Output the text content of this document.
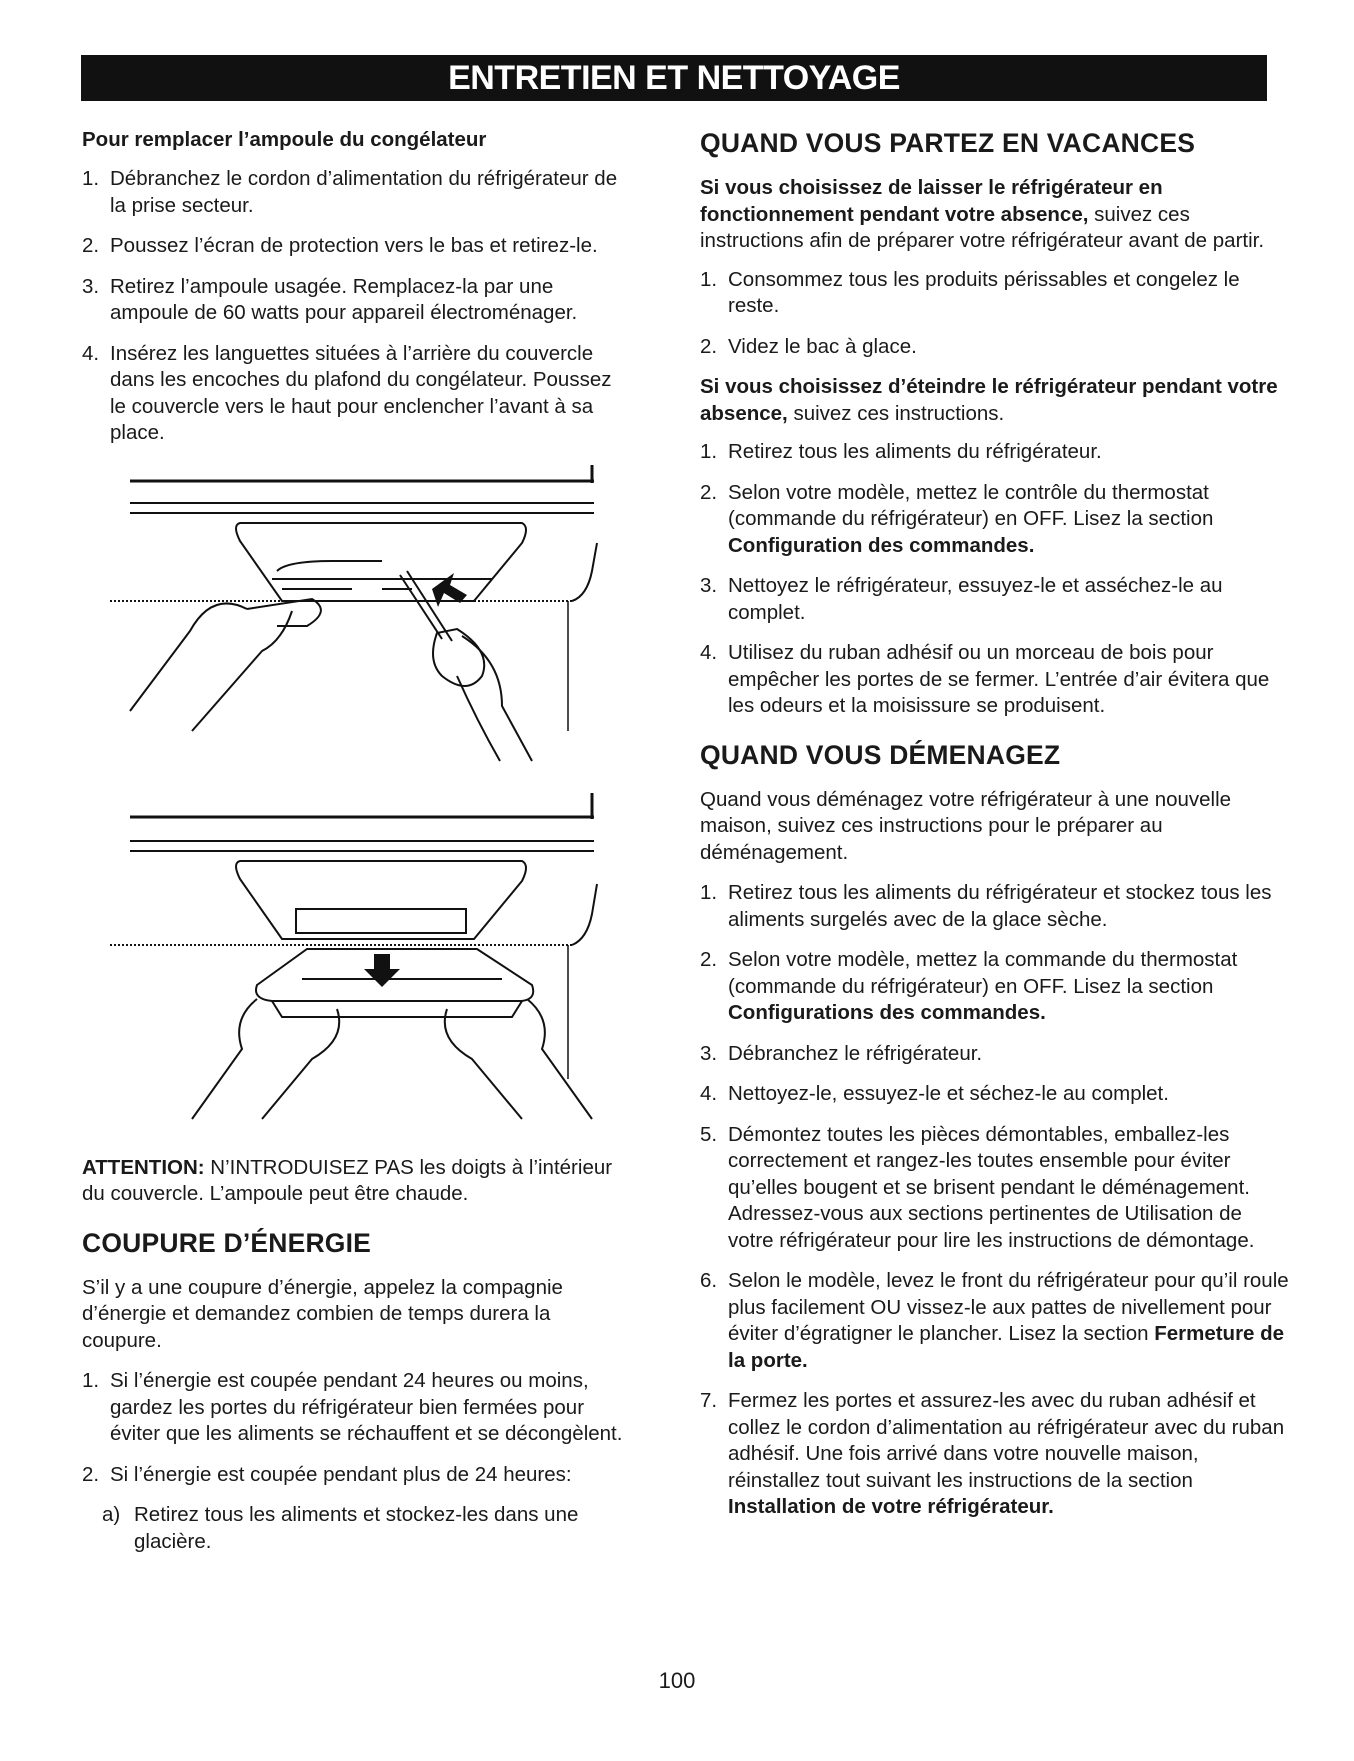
ENTRETIEN ET NETTOYAGE
Pour remplacer l’ampoule du congélateur
1. Débranchez le cordon d’alimentation du réfrigérateur de la prise secteur.
2. Poussez l’écran de protection vers le bas et retirez-le.
3. Retirez l’ampoule usagée. Remplacez-la par une ampoule de 60 watts pour appareil électroménager.
4. Insérez les languettes situées à l’arrière du couvercle dans les encoches du plafond du congélateur. Poussez le couvercle vers le haut pour enclencher l’avant à sa place.
ATTENTION: N’INTRODUISEZ PAS les doigts à l’intérieur du couvercle. L’ampoule peut être chaude.
COUPURE D’ÉNERGIE
S’il y a une coupure d’énergie, appelez la compagnie d’énergie et demandez combien de temps durera la coupure.
1. Si l’énergie est coupée pendant 24 heures ou moins, gardez les portes du réfrigérateur bien fermées pour éviter que les aliments se réchauffent et se décongèlent.
2. Si l’énergie est coupée pendant plus de 24 heures:
a) Retirez tous les aliments et stockez-les dans une glacière.
QUAND VOUS PARTEZ EN VACANCES
Si vous choisissez de laisser le réfrigérateur en fonctionnement pendant votre absence, suivez ces instructions afin de préparer votre réfrigérateur avant de partir.
1. Consommez tous les produits périssables et congelez le reste.
2. Videz le bac à glace.
Si vous choisissez d’éteindre le réfrigérateur pendant votre absence, suivez ces instructions.
1. Retirez tous les aliments du réfrigérateur.
2. Selon votre modèle, mettez le contrôle du thermostat (commande du réfrigérateur) en OFF. Lisez la section Configuration des commandes.
3. Nettoyez le réfrigérateur, essuyez-le et asséchez-le au complet.
4. Utilisez du ruban adhésif ou un morceau de bois pour empêcher les portes de se fermer. L’entrée d’air évitera que les odeurs et la moisissure se produisent.
QUAND VOUS DÉMENAGEZ
Quand vous déménagez votre réfrigérateur à une nouvelle maison, suivez ces instructions pour le préparer au déménagement.
1. Retirez tous les aliments du réfrigérateur et stockez tous les aliments surgelés avec de la glace sèche.
2. Selon votre modèle, mettez la commande du thermostat (commande du réfrigérateur) en OFF. Lisez la section Configurations des commandes.
3. Débranchez le réfrigérateur.
4. Nettoyez-le, essuyez-le et séchez-le au complet.
5. Démontez toutes les pièces démontables, emballez-les correctement et rangez-les toutes ensemble pour éviter qu’elles bougent et se brisent pendant le déménagement. Adressez-vous aux sections pertinentes de Utilisation de votre réfrigérateur pour lire les instructions de démontage.
6. Selon le modèle, levez le front du réfrigérateur pour qu’il roule plus facilement OU vissez-le aux pattes de nivellement pour éviter d’égratigner le plancher. Lisez la section Fermeture de la porte.
7. Fermez les portes et assurez-les avec du ruban adhésif et collez le cordon d’alimentation au réfrigérateur avec du ruban adhésif. Une fois arrivé dans votre nouvelle maison, réinstallez tout suivant les instructions de la section Installation de votre réfrigérateur.
100
